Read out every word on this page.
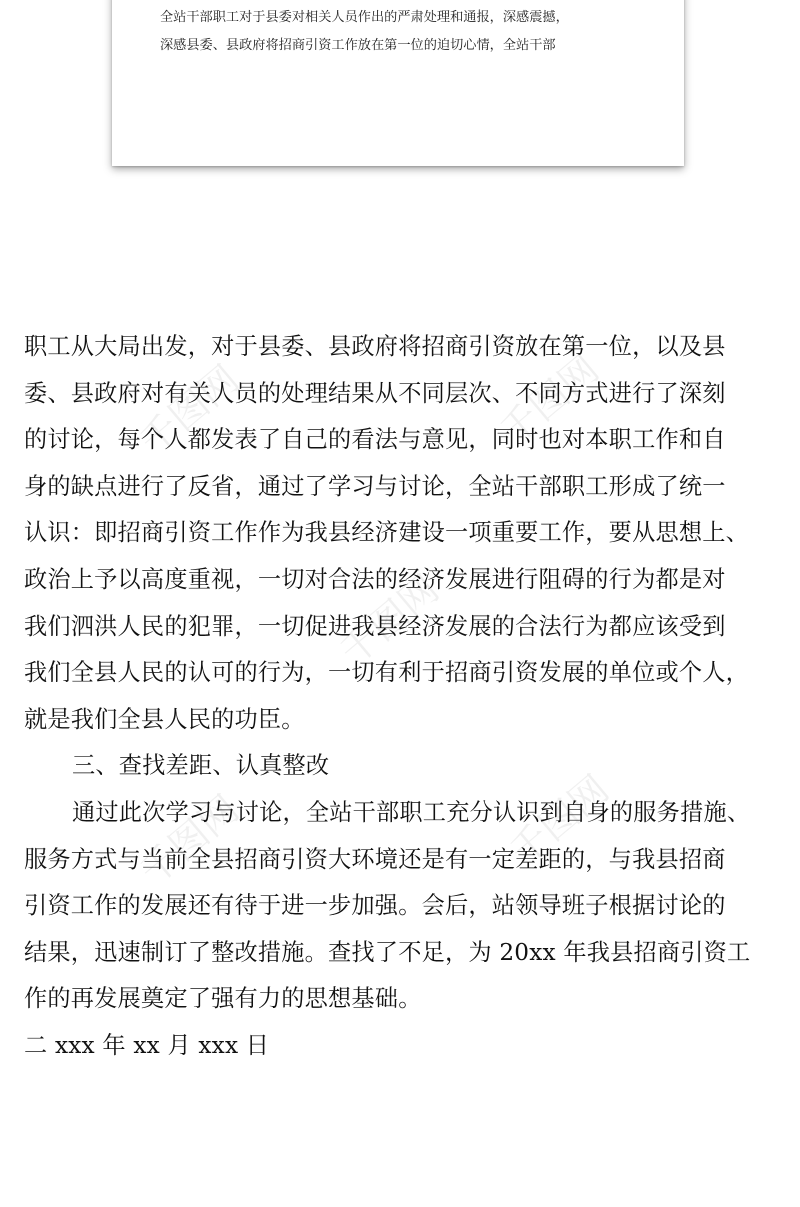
全站干部职工对于县委对相关人员作出的严肃处理和通报，深感震撼，
深感县委、县政府将招商引资工作放在第一位的迫切心情，全站干部
千图网	千图网
千图网
千图网
千图网
职工从大局出发，对于县委、县政府将招商引资放在第一位，以及县
委、县政府对有关人员的处理结果从不同层次、不同方式进行了深刻
的讨论，每个人都发表了自己的看法与意见，同时也对本职工作和自
身的缺点进行了反省，通过了学习与讨论，全站干部职工形成了统一
认识：即招商引资工作作为我县经济建设一项重要工作，要从思想上、
政治上予以高度重视，一切对合法的经济发展进行阻碍的行为都是对
我们泗洪人民的犯罪，一切促进我县经济发展的合法行为都应该受到
我们全县人民的认可的行为，一切有利于招商引资发展的单位或个人，
就是我们全县人民的功臣。
三、查找差距、认真整改
通过此次学习与讨论，全站干部职工充分认识到自身的服务措施、
服务方式与当前全县招商引资大环境还是有一定差距的，与我县招商
引资工作的发展还有待于进一步加强。会后，站领导班子根据讨论的
结果，迅速制订了整改措施。查找了不足，为 20xx 年我县招商引资工
作的再发展奠定了强有力的思想基础。
二 xxx 年 xx 月 xxx 日
